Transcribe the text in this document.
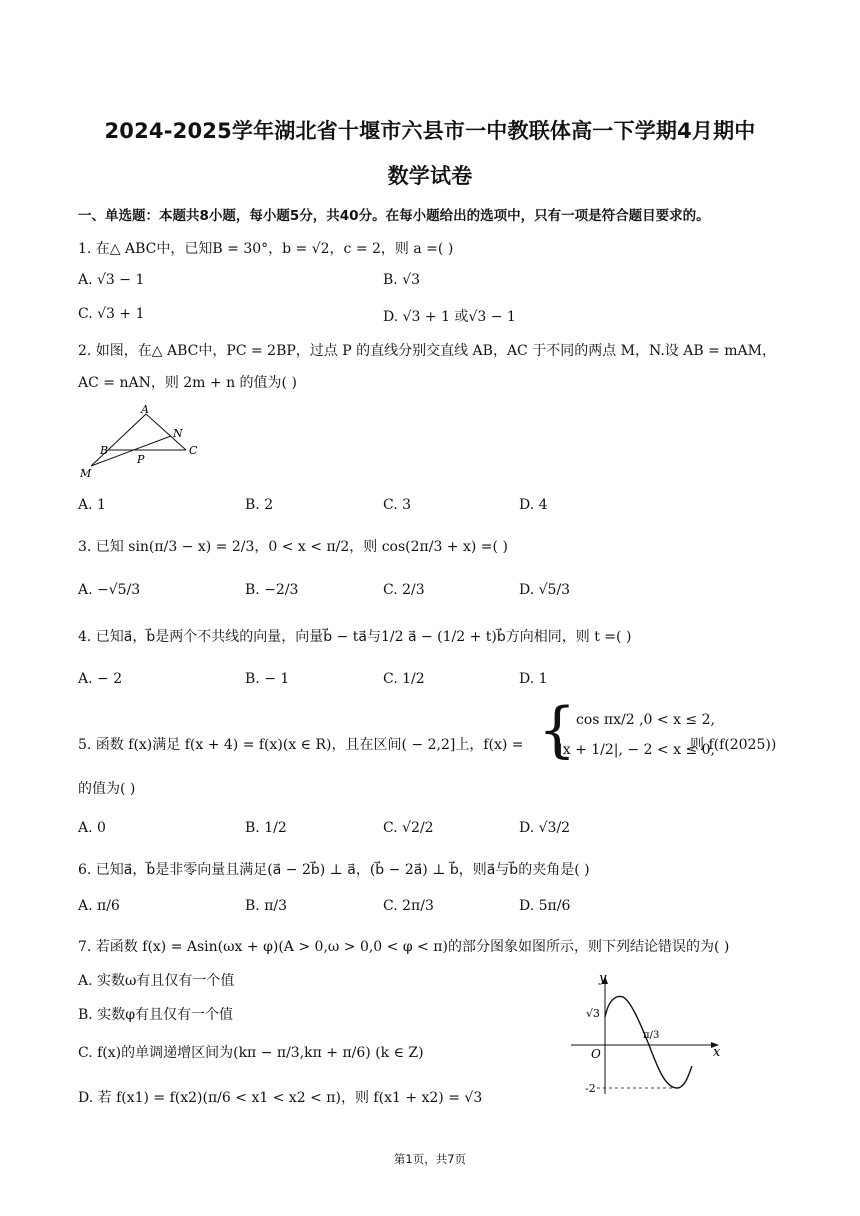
2024-2025学年湖北省十堰市六县市一中教联体高一下学期4月期中
数学试卷
一、单选题：本题共8小题，每小题5分，共40分。在每小题给出的选项中，只有一项是符合题目要求的。
1. 在△ ABC中，已知B = 30°，b = √2，c = 2，则 a =( )
A. √3 − 1	B. √3
C. √3 + 1	D. √3 + 1 或√3 − 1
2. 如图，在△ ABC中，PC = 2BP，过点 P 的直线分别交直线 AB，AC 于不同的两点 M，N.设 AB = mAM，
AC = nAN，则 2m + n 的值为( )
A
N
B
P
C
M
A. 1	B. 2	C. 3	D. 4
3. 已知 sin(π/3 − x) = 2/3，0 < x < π/2，则 cos(2π/3 + x) =( )
A. −√5/3	B. −2/3	C. 2/3	D. √5/3
4. 已知a⃗，b⃗是两个不共线的向量，向量b⃗ − ta⃗与1/2 a⃗ − (1/2 + t)b⃗方向相同，则 t =( )
A. − 2	B. − 1	C. 1/2	D. 1
5. 函数 f(x)满足 f(x + 4) = f(x)(x ∈ R)，且在区间( − 2,2]上，f(x) = { cos πx/2 ,0 < x ≤ 2,
|x + 1/2|, − 2 < x ≤ 0,
则 f(f(2025))
的值为( )
A. 0	B. 1/2	C. √2/2	D. √3/2
6. 已知a⃗，b⃗是非零向量且满足(a⃗ − 2b⃗) ⊥ a⃗，(b⃗ − 2a⃗) ⊥ b⃗，则a⃗与b⃗的夹角是( )
A. π/6	B. π/3	C. 2π/3	D. 5π/6
7. 若函数 f(x) = Asin(ωx + φ)(A > 0,ω > 0,0 < φ < π)的部分图象如图所示，则下列结论错误的为( )
A. 实数ω有且仅有一个值
B. 实数φ有且仅有一个值
C. f(x)的单调递增区间为(kπ − π/3,kπ + π/6) (k ∈ Z)
D. 若 f(x1) = f(x2)(π/6 < x1 < x2 < π)，则 f(x1 + x2) = √3
y
x
O
√3
-2
π/3
第1页，共7页
